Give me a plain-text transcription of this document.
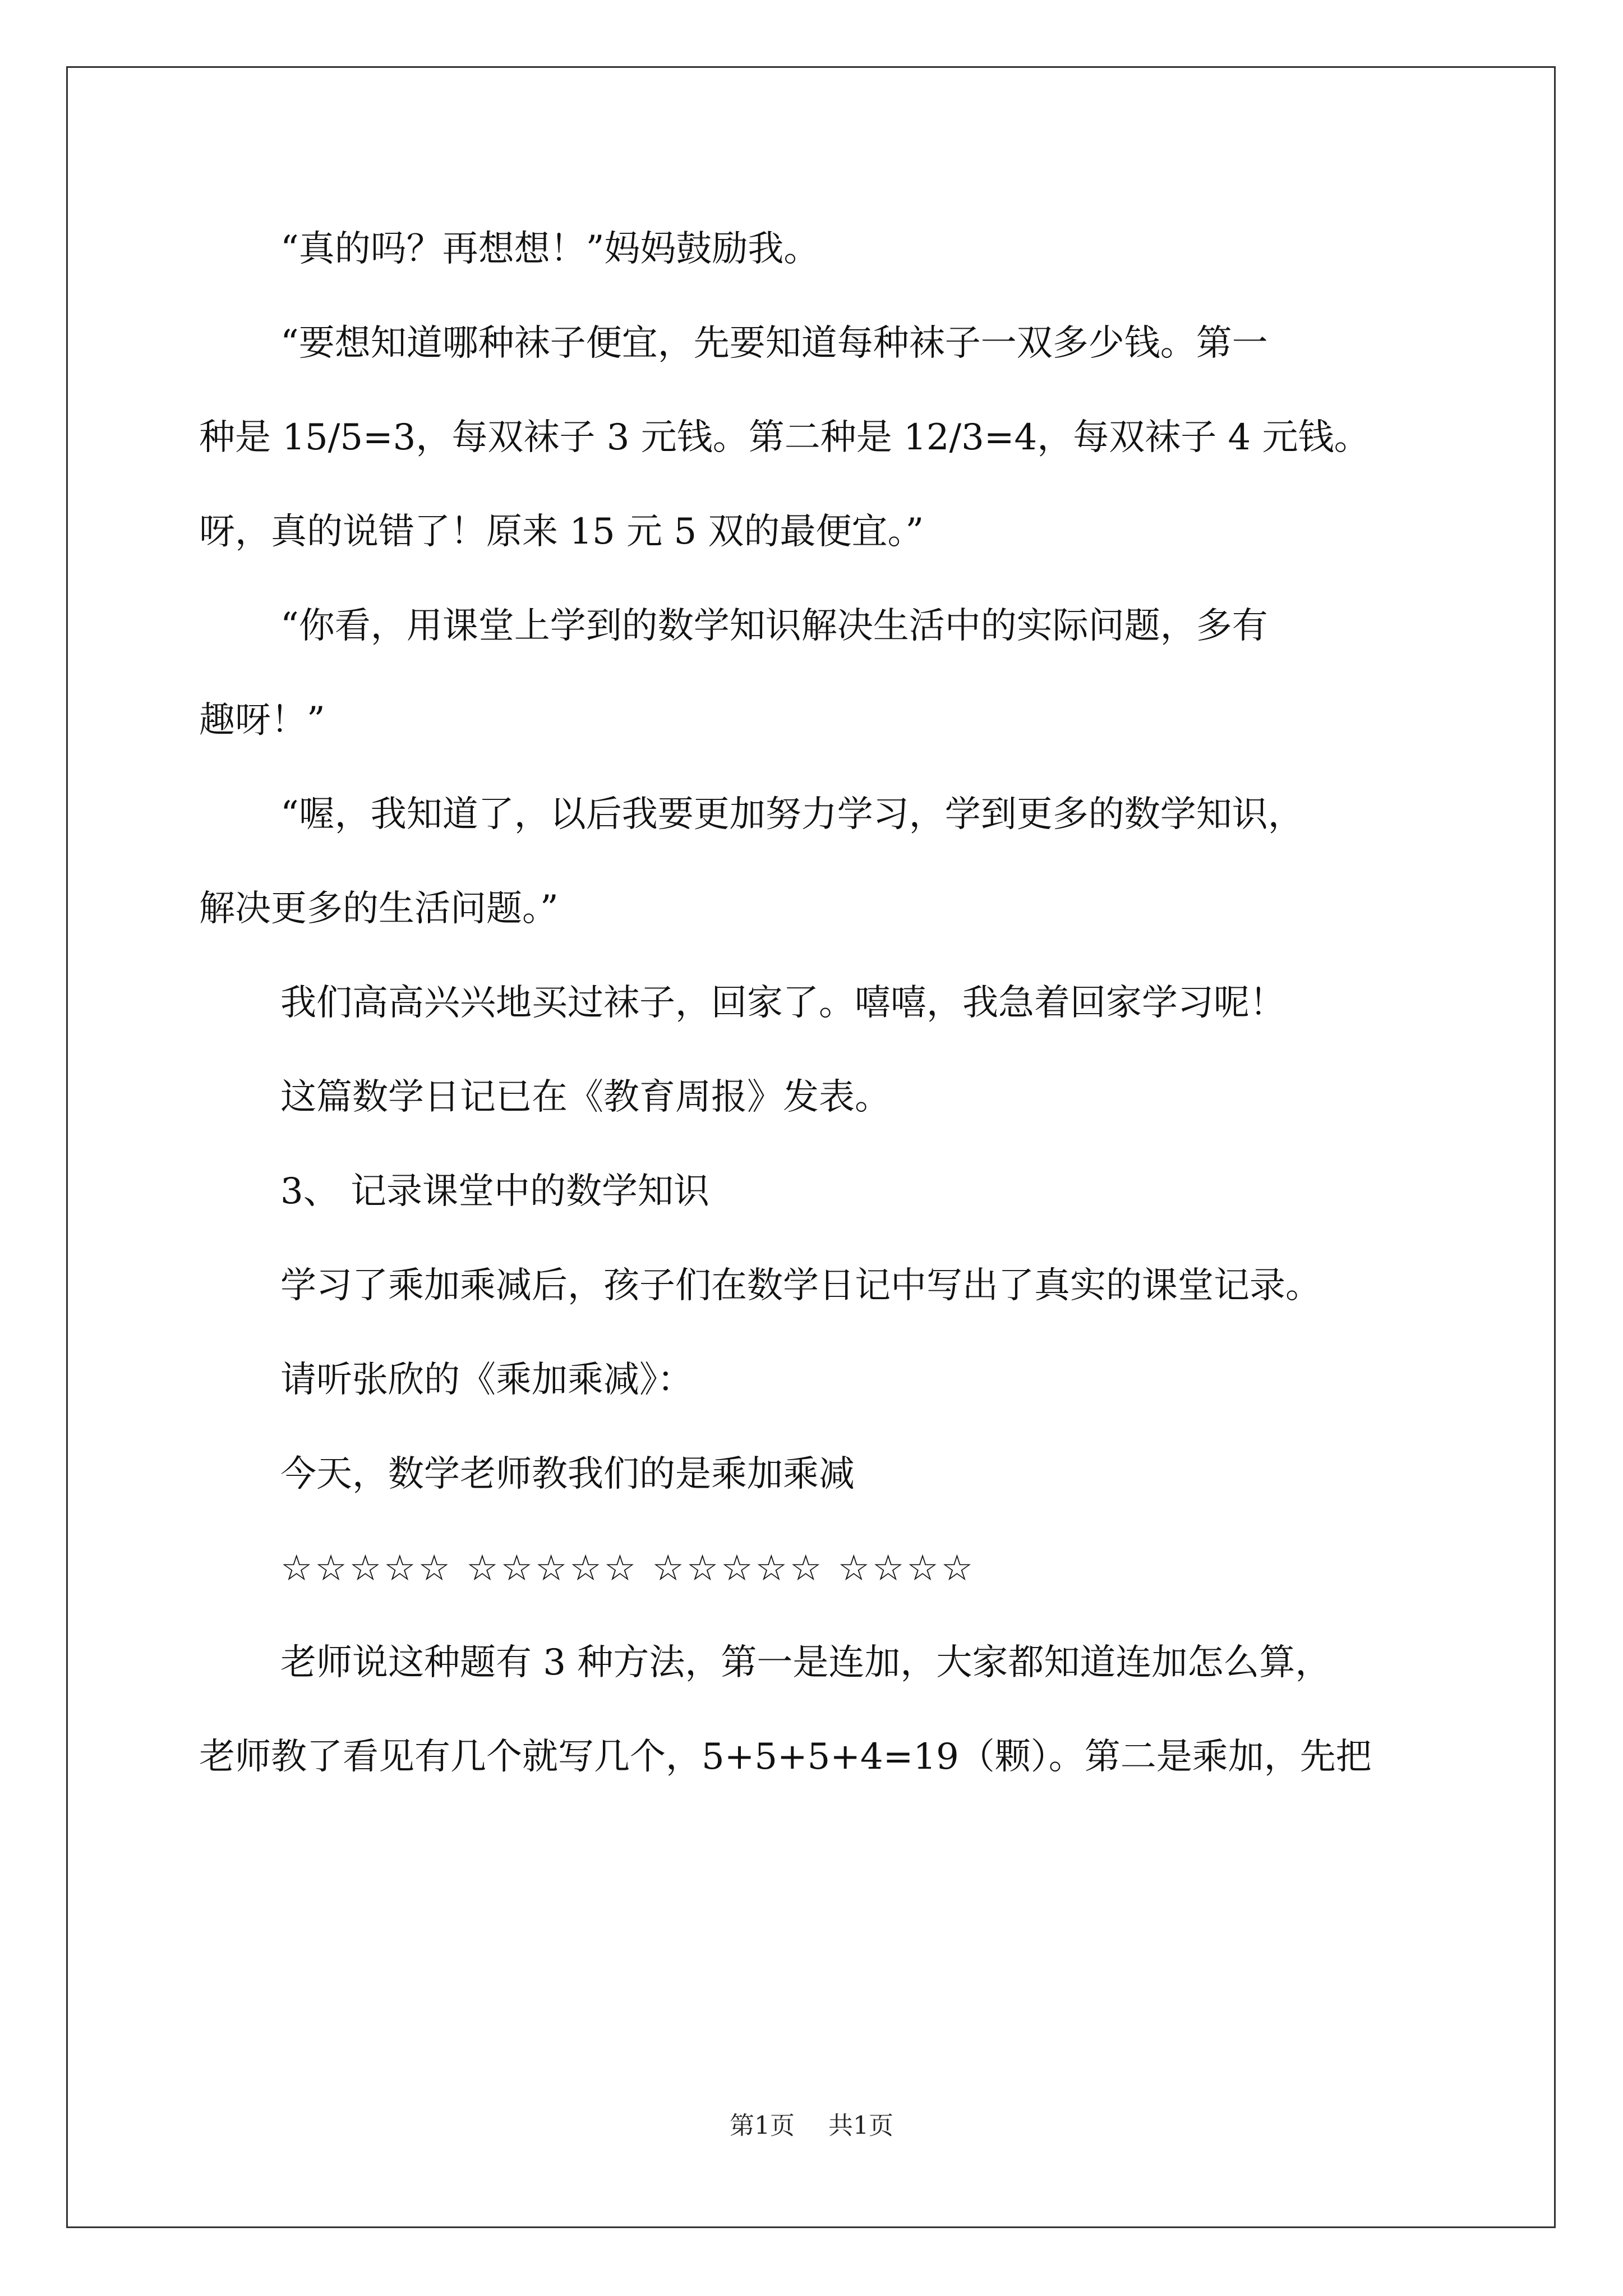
“真的吗？再想想！”妈妈鼓励我。
“要想知道哪种袜子便宜，先要知道每种袜子一双多少钱。第一
种是 15/5=3，每双袜子 3 元钱。第二种是 12/3=4，每双袜子 4 元钱。
呀，真的说错了！原来 15 元 5 双的最便宜。”
“你看，用课堂上学到的数学知识解决生活中的实际问题，多有
趣呀！”
“喔，我知道了，以后我要更加努力学习，学到更多的数学知识，
解决更多的生活问题。”
我们高高兴兴地买过袜子，回家了。嘻嘻，我急着回家学习呢！
这篇数学日记已在《教育周报》发表。
3、 记录课堂中的数学知识
学习了乘加乘减后，孩子们在数学日记中写出了真实的课堂记录。
请听张欣的《乘加乘减》：
今天，数学老师教我们的是乘加乘减
☆☆☆☆☆ ☆☆☆☆☆ ☆☆☆☆☆ ☆☆☆☆
老师说这种题有 3 种方法，第一是连加，大家都知道连加怎么算，
老师教了看见有几个就写几个，5+5+5+4=19（颗）。第二是乘加，先把
第1页 共1页
